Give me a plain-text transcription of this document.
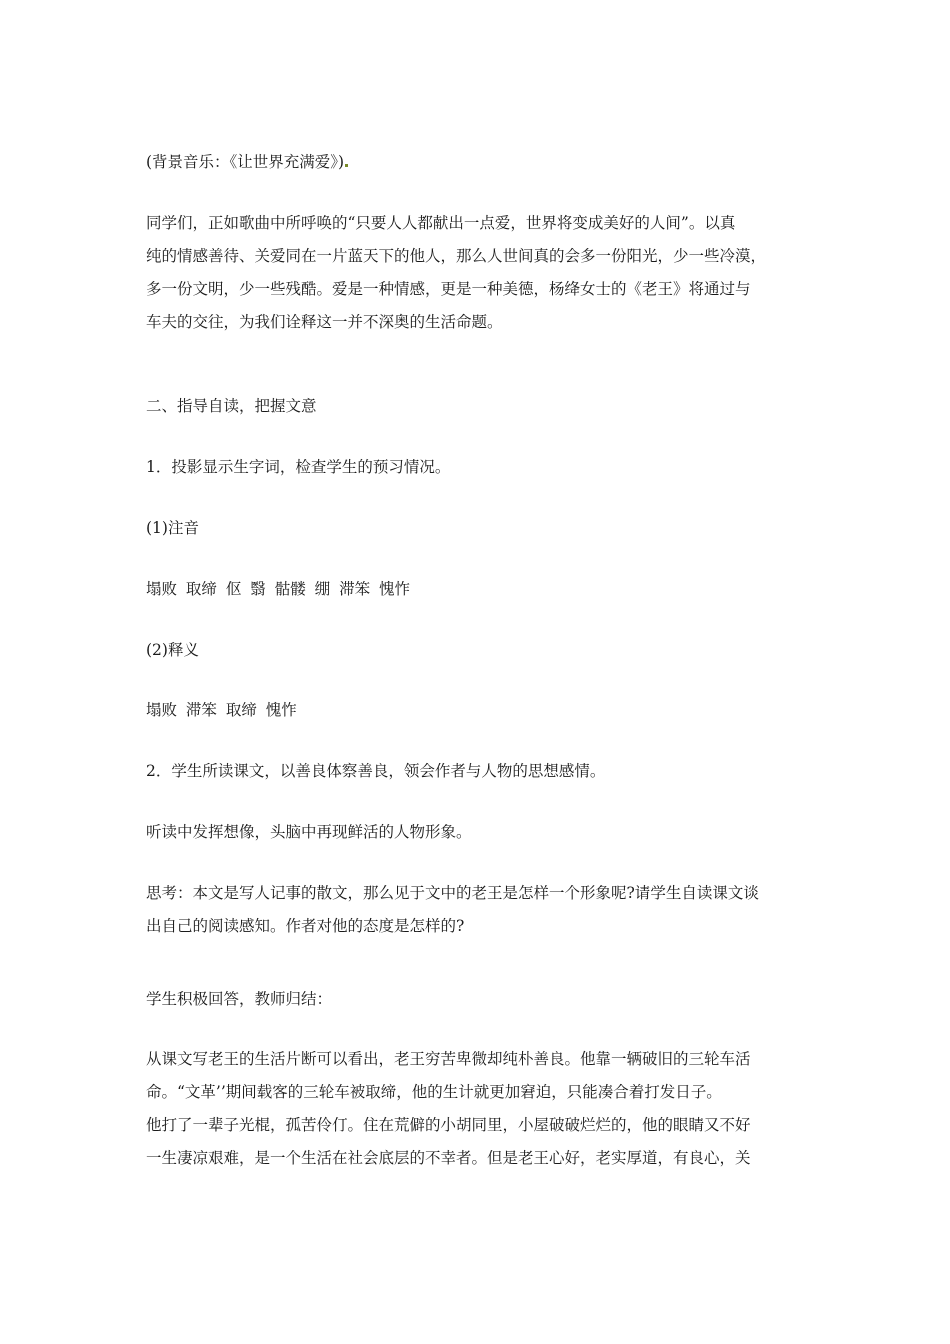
(背景音乐：《让世界充满爱》)

同学们，正如歌曲中所呼唤的“只要人人都献出一点爱，世界将变成美好的人间”。以真
纯的情感善待、关爱同在一片蓝天下的他人，那么人世间真的会多一份阳光，少一些冷漠，
多一份文明，少一些残酷。爱是一种情感，更是一种美德，杨绛女士的《老王》将通过与
车夫的交往，为我们诠释这一并不深奥的生活命题。

二、指导自读，把握文意

1．投影显示生字词，检查学生的预习情况。

(1)注音

塌败 取缔 伛 翳 骷髅 绷 滞笨 愧怍

(2)释义

塌败 滞笨 取缔 愧怍

2．学生所读课文，以善良体察善良，领会作者与人物的思想感情。

听读中发挥想像，头脑中再现鲜活的人物形象。

思考：本文是写人记事的散文，那么见于文中的老王是怎样一个形象呢?请学生自读课文谈
出自己的阅读感知。作者对他的态度是怎样的?

学生积极回答，教师归结：

从课文写老王的生活片断可以看出，老王穷苦卑微却纯朴善良。他靠一辆破旧的三轮车活
命。“文革’’期间载客的三轮车被取缔，他的生计就更加窘迫，只能凑合着打发日子。
他打了一辈子光棍，孤苦伶仃。住在荒僻的小胡同里，小屋破破烂烂的，他的眼睛又不好
一生凄凉艰难，是一个生活在社会底层的不幸者。但是老王心好，老实厚道，有良心，关
